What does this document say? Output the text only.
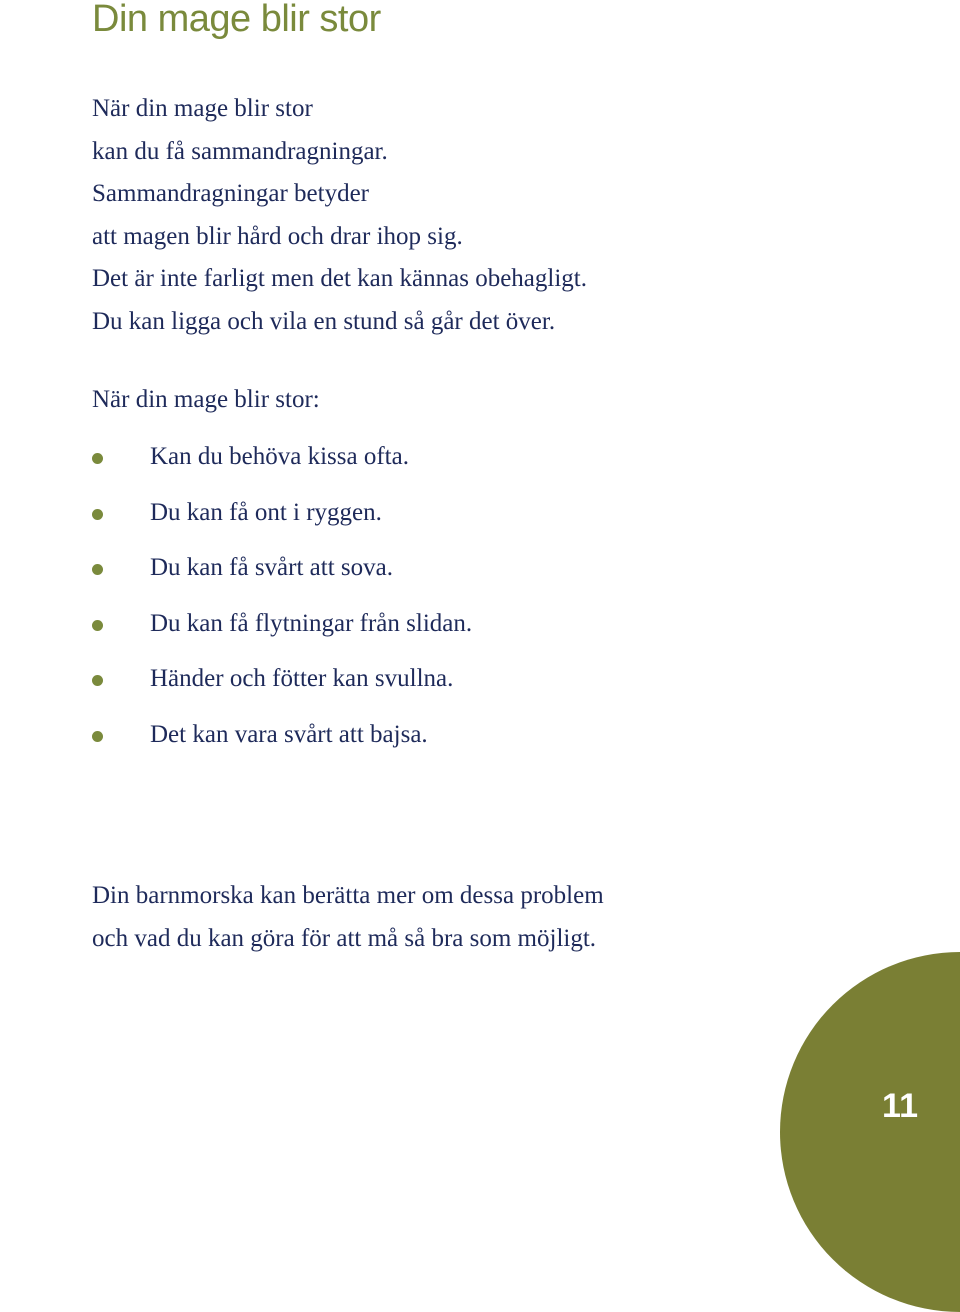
Din mage blir stor
När din mage blir stor
kan du få sammandragningar.
Sammandragningar betyder
att magen blir hård och drar ihop sig.
Det är inte farligt men det kan kännas obehagligt.
Du kan ligga och vila en stund så går det över.
När din mage blir stor:
Kan du behöva kissa ofta.
Du kan få ont i ryggen.
Du kan få svårt att sova.
Du kan få flytningar från slidan.
Händer och fötter kan svullna.
Det kan vara svårt att bajsa.
Din barnmorska kan berätta mer om dessa problem
och vad du kan göra för att må så bra som möjligt.
11
